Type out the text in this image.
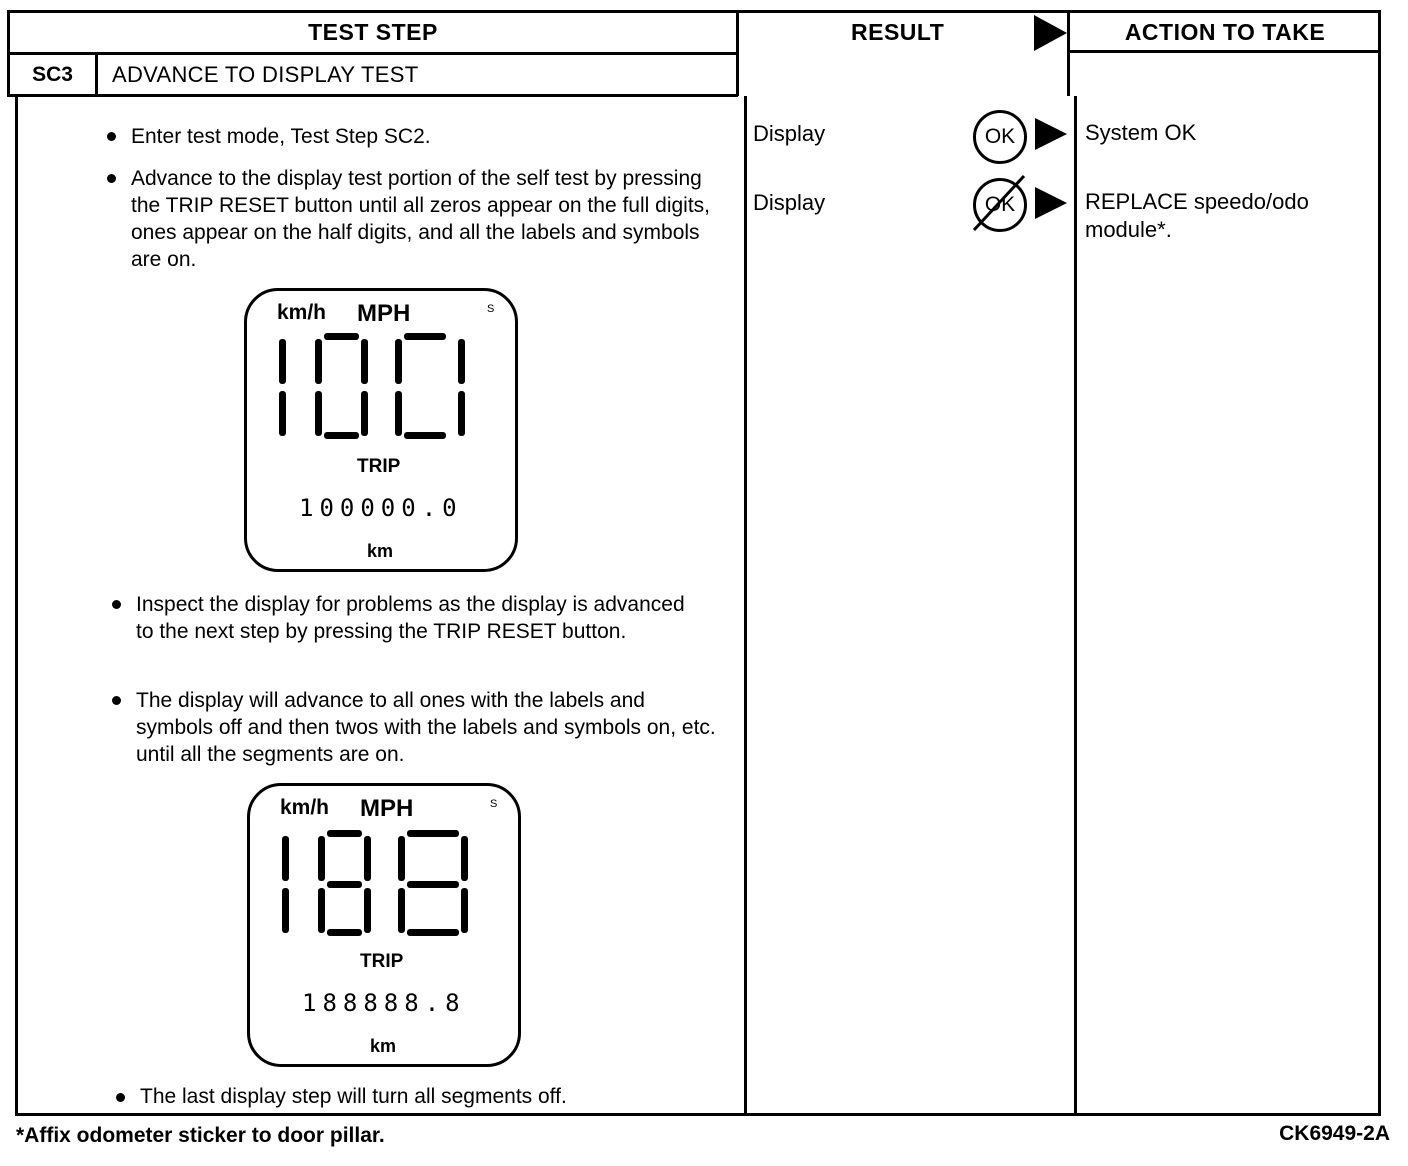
TEST STEP	RESULT	ACTION TO TAKE
SC3	ADVANCE TO DISPLAY TEST
Enter test mode, Test Step SC2.
Advance to the display test portion of the self test by pressing the TRIP RESET button until all zeros appear on the full digits, ones appear on the half digits, and all the labels and symbols are on.
Inspect the display for problems as the display is advanced to the next step by pressing the TRIP RESET button.
The display will advance to all ones with the labels and symbols off and then twos with the labels and symbols on, etc. until all the segments are on.
The last display step will turn all segments off.
km/h MPH	S
TRIP
100000.0
km
km/h MPH	S
TRIP
188888.8
km
Display	OK	System OK
Display	OK	REPLACE speedo/odo
module*.
*Affix odometer sticker to door pillar.	CK6949-2A
